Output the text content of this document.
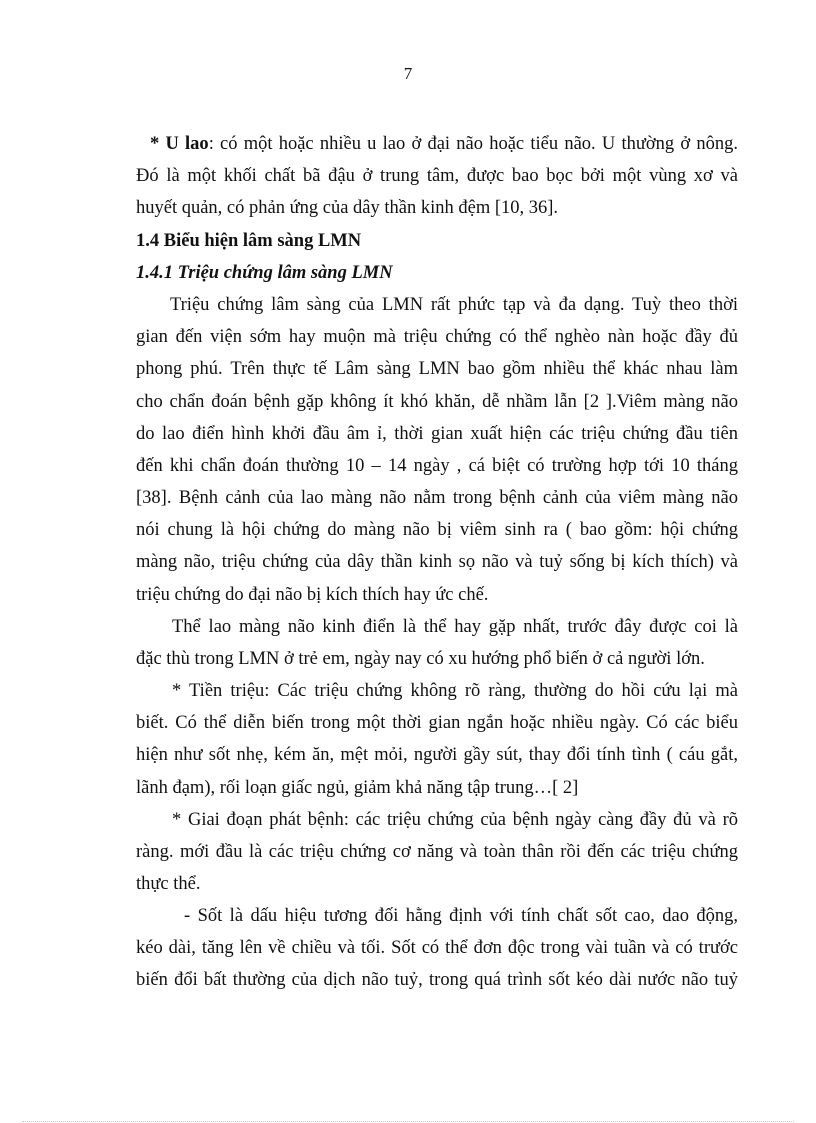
7
* U lao: có một hoặc nhiều u lao ở đại não hoặc tiểu não. U thường ở nông.
Đó là một khối chất bã đậu ở trung tâm, được bao bọc bởi một vùng xơ và
huyết quản, có phản ứng của dây thần kinh đệm [10, 36].
1.4 Biểu hiện lâm sàng LMN
1.4.1 Triệu chứng lâm sàng LMN
Triệu chứng lâm sàng của LMN rất phức tạp và đa dạng. Tuỳ theo thời
gian đến viện sớm hay muộn mà triệu chứng có thể nghèo nàn hoặc đầy đủ
phong phú. Trên thực tế Lâm sàng LMN bao gồm nhiều thể khác nhau làm
cho chẩn đoán bệnh gặp không ít khó khăn, dễ nhầm lẫn [2 ].Viêm màng não
do lao điển hình khởi đầu âm ỉ, thời gian xuất hiện các triệu chứng đầu tiên
đến khi chẩn đoán thường 10 – 14 ngày , cá biệt có trường hợp tới 10 tháng
[38]. Bệnh cảnh của lao màng não nằm trong bệnh cảnh của viêm màng não
nói chung là hội chứng do màng não bị viêm sinh ra ( bao gồm: hội chứng
màng não, triệu chứng của dây thần kinh sọ não và tuỷ sống bị kích thích) và
triệu chứng do đại não bị kích thích hay ức chế.
Thể lao màng não kinh điển là thể hay gặp nhất, trước đây được coi là
đặc thù trong LMN ở trẻ em, ngày nay có xu hướng phổ biến ở cả người lớn.
* Tiền triệu: Các triệu chứng không rõ ràng, thường do hồi cứu lại mà
biết. Có thể diễn biến trong một thời gian ngắn hoặc nhiều ngày. Có các biểu
hiện như sốt nhẹ, kém ăn, mệt mỏi, người gầy sút, thay đổi tính tình ( cáu gắt,
lãnh đạm), rối loạn giấc ngủ, giảm khả năng tập trung…[ 2]
* Giai đoạn phát bệnh: các triệu chứng của bệnh ngày càng đầy đủ và rõ
ràng. mới đầu là các triệu chứng cơ năng và toàn thân rồi đến các triệu chứng
thực thể.
- Sốt là dấu hiệu tương đối hằng định với tính chất sốt cao, dao động,
kéo dài, tăng lên về chiều và tối. Sốt có thể đơn độc trong vài tuần và có trước
biến đổi bất thường của dịch não tuỷ, trong quá trình sốt kéo dài nước não tuỷ
